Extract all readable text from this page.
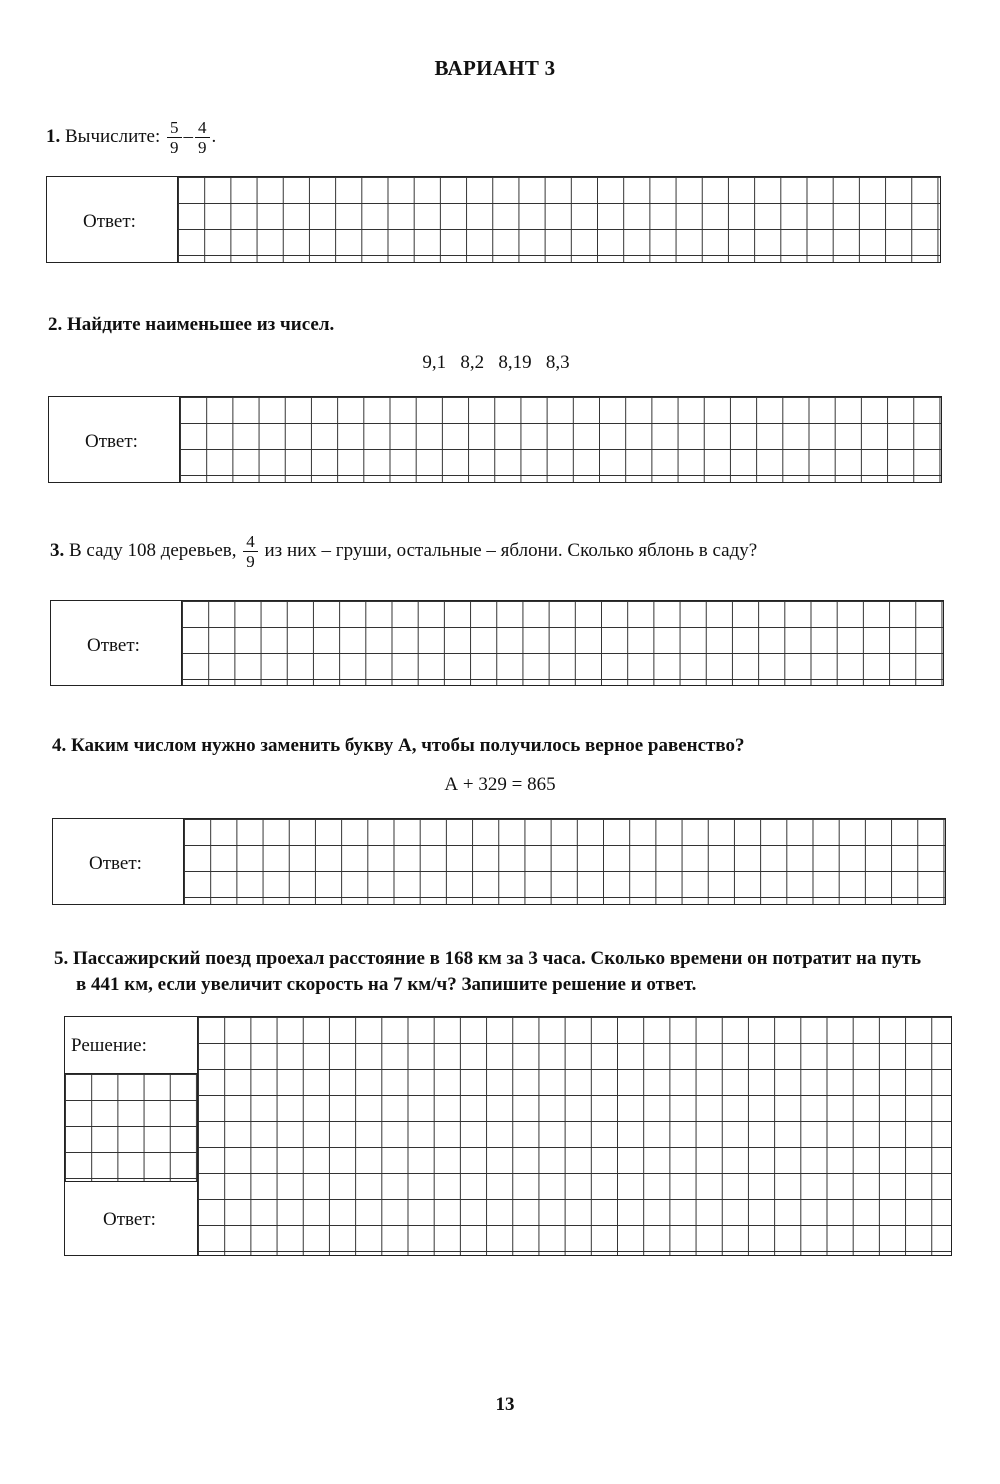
ВАРИАНТ 3
1. Вычислите: $\frac{5}{9} - \frac{4}{9}$ .
Ответ:
2. Найдите наименьшее из чисел.
9,1   8,2   8,19   8,3
Ответ:
3. В саду 108 деревьев, $\frac{4}{9}$ из них – груши, остальные – яблони. Сколько яблонь в саду?
Ответ:
4. Каким числом нужно заменить букву А, чтобы получилось верное равенство?
А + 329 = 865
Ответ:
5. Пассажирский поезд проехал расстояние в 168 км за 3 часа. Сколько времени он потратит на путь
в 441 км, если увеличит скорость на 7 км/ч? Запишите решение и ответ.
Решение:
Ответ:
13
